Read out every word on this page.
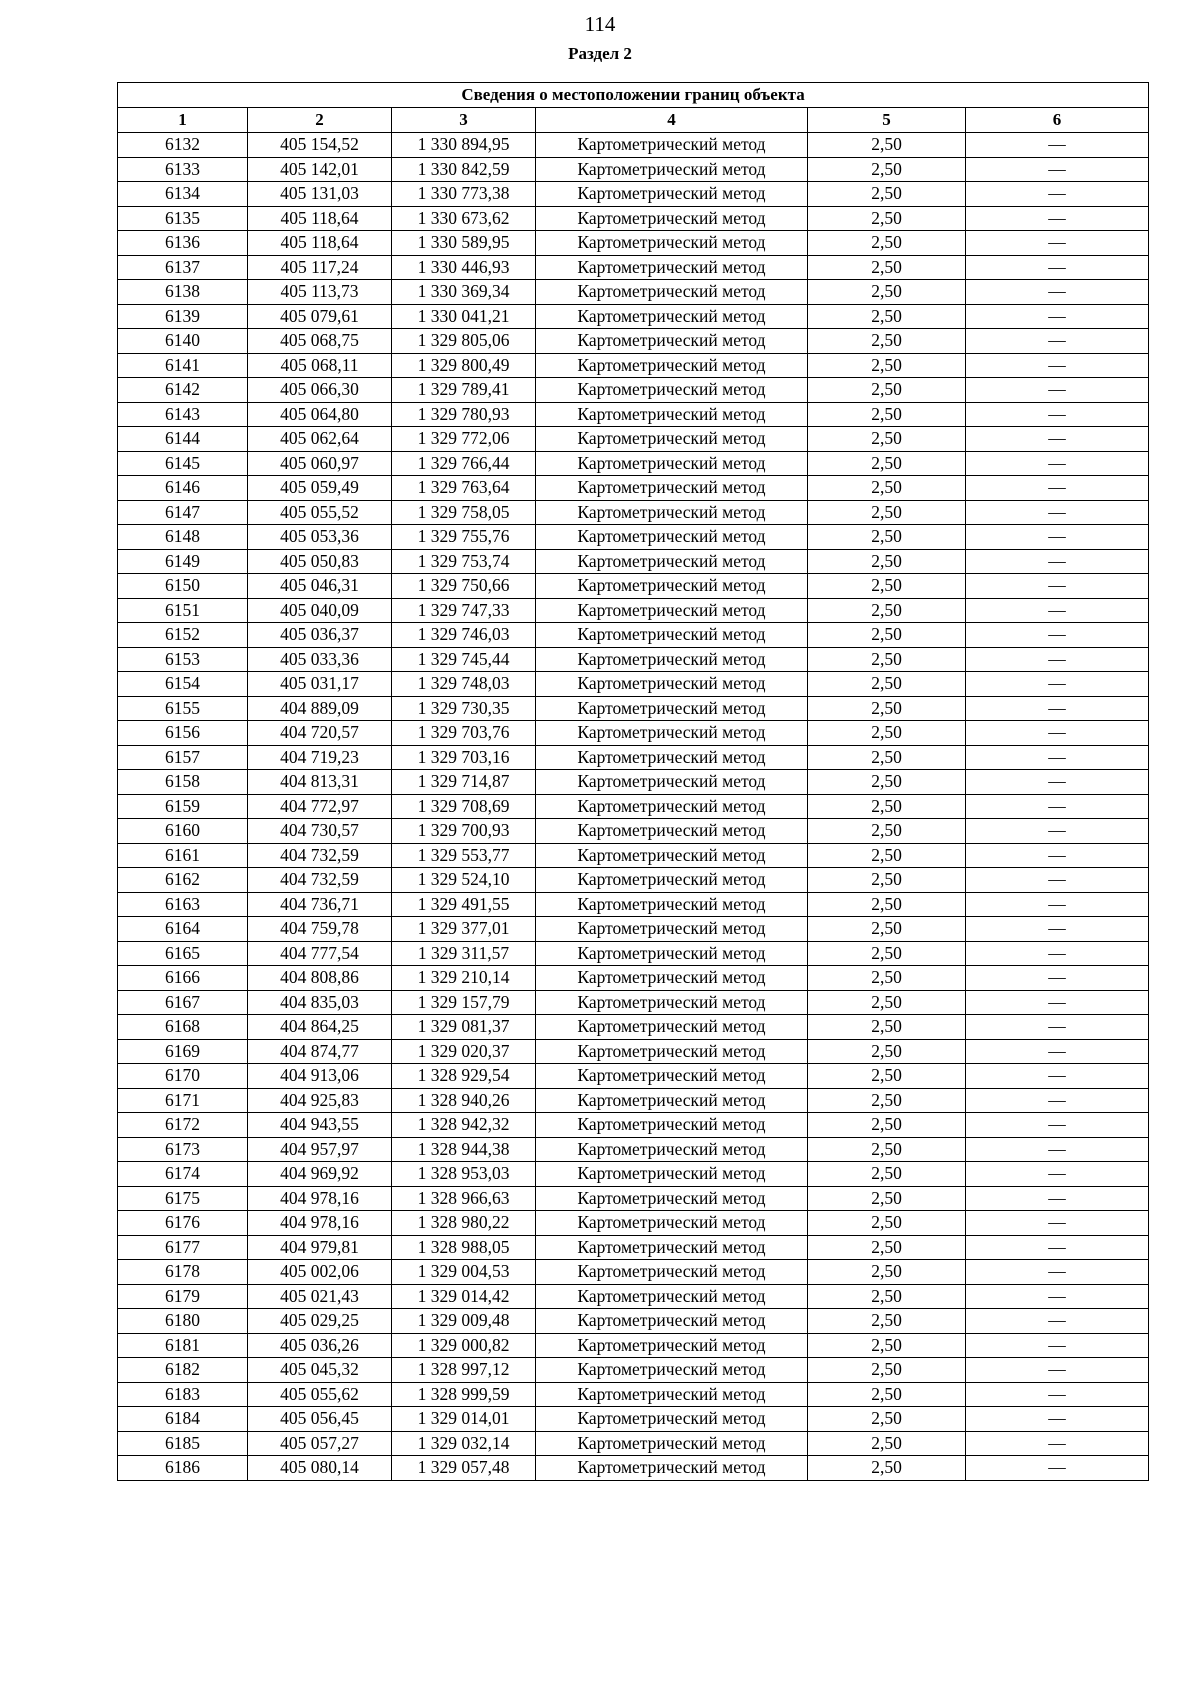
114
Раздел 2
Сведения о местоположении границ объекта					
1	2	3	4	5	6
6132	405 154,52	1 330 894,95	Картометрический метод	2,50	—
6133	405 142,01	1 330 842,59	Картометрический метод	2,50	—
6134	405 131,03	1 330 773,38	Картометрический метод	2,50	—
6135	405 118,64	1 330 673,62	Картометрический метод	2,50	—
6136	405 118,64	1 330 589,95	Картометрический метод	2,50	—
6137	405 117,24	1 330 446,93	Картометрический метод	2,50	—
6138	405 113,73	1 330 369,34	Картометрический метод	2,50	—
6139	405 079,61	1 330 041,21	Картометрический метод	2,50	—
6140	405 068,75	1 329 805,06	Картометрический метод	2,50	—
6141	405 068,11	1 329 800,49	Картометрический метод	2,50	—
6142	405 066,30	1 329 789,41	Картометрический метод	2,50	—
6143	405 064,80	1 329 780,93	Картометрический метод	2,50	—
6144	405 062,64	1 329 772,06	Картометрический метод	2,50	—
6145	405 060,97	1 329 766,44	Картометрический метод	2,50	—
6146	405 059,49	1 329 763,64	Картометрический метод	2,50	—
6147	405 055,52	1 329 758,05	Картометрический метод	2,50	—
6148	405 053,36	1 329 755,76	Картометрический метод	2,50	—
6149	405 050,83	1 329 753,74	Картометрический метод	2,50	—
6150	405 046,31	1 329 750,66	Картометрический метод	2,50	—
6151	405 040,09	1 329 747,33	Картометрический метод	2,50	—
6152	405 036,37	1 329 746,03	Картометрический метод	2,50	—
6153	405 033,36	1 329 745,44	Картометрический метод	2,50	—
6154	405 031,17	1 329 748,03	Картометрический метод	2,50	—
6155	404 889,09	1 329 730,35	Картометрический метод	2,50	—
6156	404 720,57	1 329 703,76	Картометрический метод	2,50	—
6157	404 719,23	1 329 703,16	Картометрический метод	2,50	—
6158	404 813,31	1 329 714,87	Картометрический метод	2,50	—
6159	404 772,97	1 329 708,69	Картометрический метод	2,50	—
6160	404 730,57	1 329 700,93	Картометрический метод	2,50	—
6161	404 732,59	1 329 553,77	Картометрический метод	2,50	—
6162	404 732,59	1 329 524,10	Картометрический метод	2,50	—
6163	404 736,71	1 329 491,55	Картометрический метод	2,50	—
6164	404 759,78	1 329 377,01	Картометрический метод	2,50	—
6165	404 777,54	1 329 311,57	Картометрический метод	2,50	—
6166	404 808,86	1 329 210,14	Картометрический метод	2,50	—
6167	404 835,03	1 329 157,79	Картометрический метод	2,50	—
6168	404 864,25	1 329 081,37	Картометрический метод	2,50	—
6169	404 874,77	1 329 020,37	Картометрический метод	2,50	—
6170	404 913,06	1 328 929,54	Картометрический метод	2,50	—
6171	404 925,83	1 328 940,26	Картометрический метод	2,50	—
6172	404 943,55	1 328 942,32	Картометрический метод	2,50	—
6173	404 957,97	1 328 944,38	Картометрический метод	2,50	—
6174	404 969,92	1 328 953,03	Картометрический метод	2,50	—
6175	404 978,16	1 328 966,63	Картометрический метод	2,50	—
6176	404 978,16	1 328 980,22	Картометрический метод	2,50	—
6177	404 979,81	1 328 988,05	Картометрический метод	2,50	—
6178	405 002,06	1 329 004,53	Картометрический метод	2,50	—
6179	405 021,43	1 329 014,42	Картометрический метод	2,50	—
6180	405 029,25	1 329 009,48	Картометрический метод	2,50	—
6181	405 036,26	1 329 000,82	Картометрический метод	2,50	—
6182	405 045,32	1 328 997,12	Картометрический метод	2,50	—
6183	405 055,62	1 328 999,59	Картометрический метод	2,50	—
6184	405 056,45	1 329 014,01	Картометрический метод	2,50	—
6185	405 057,27	1 329 032,14	Картометрический метод	2,50	—
6186	405 080,14	1 329 057,48	Картометрический метод	2,50	—
